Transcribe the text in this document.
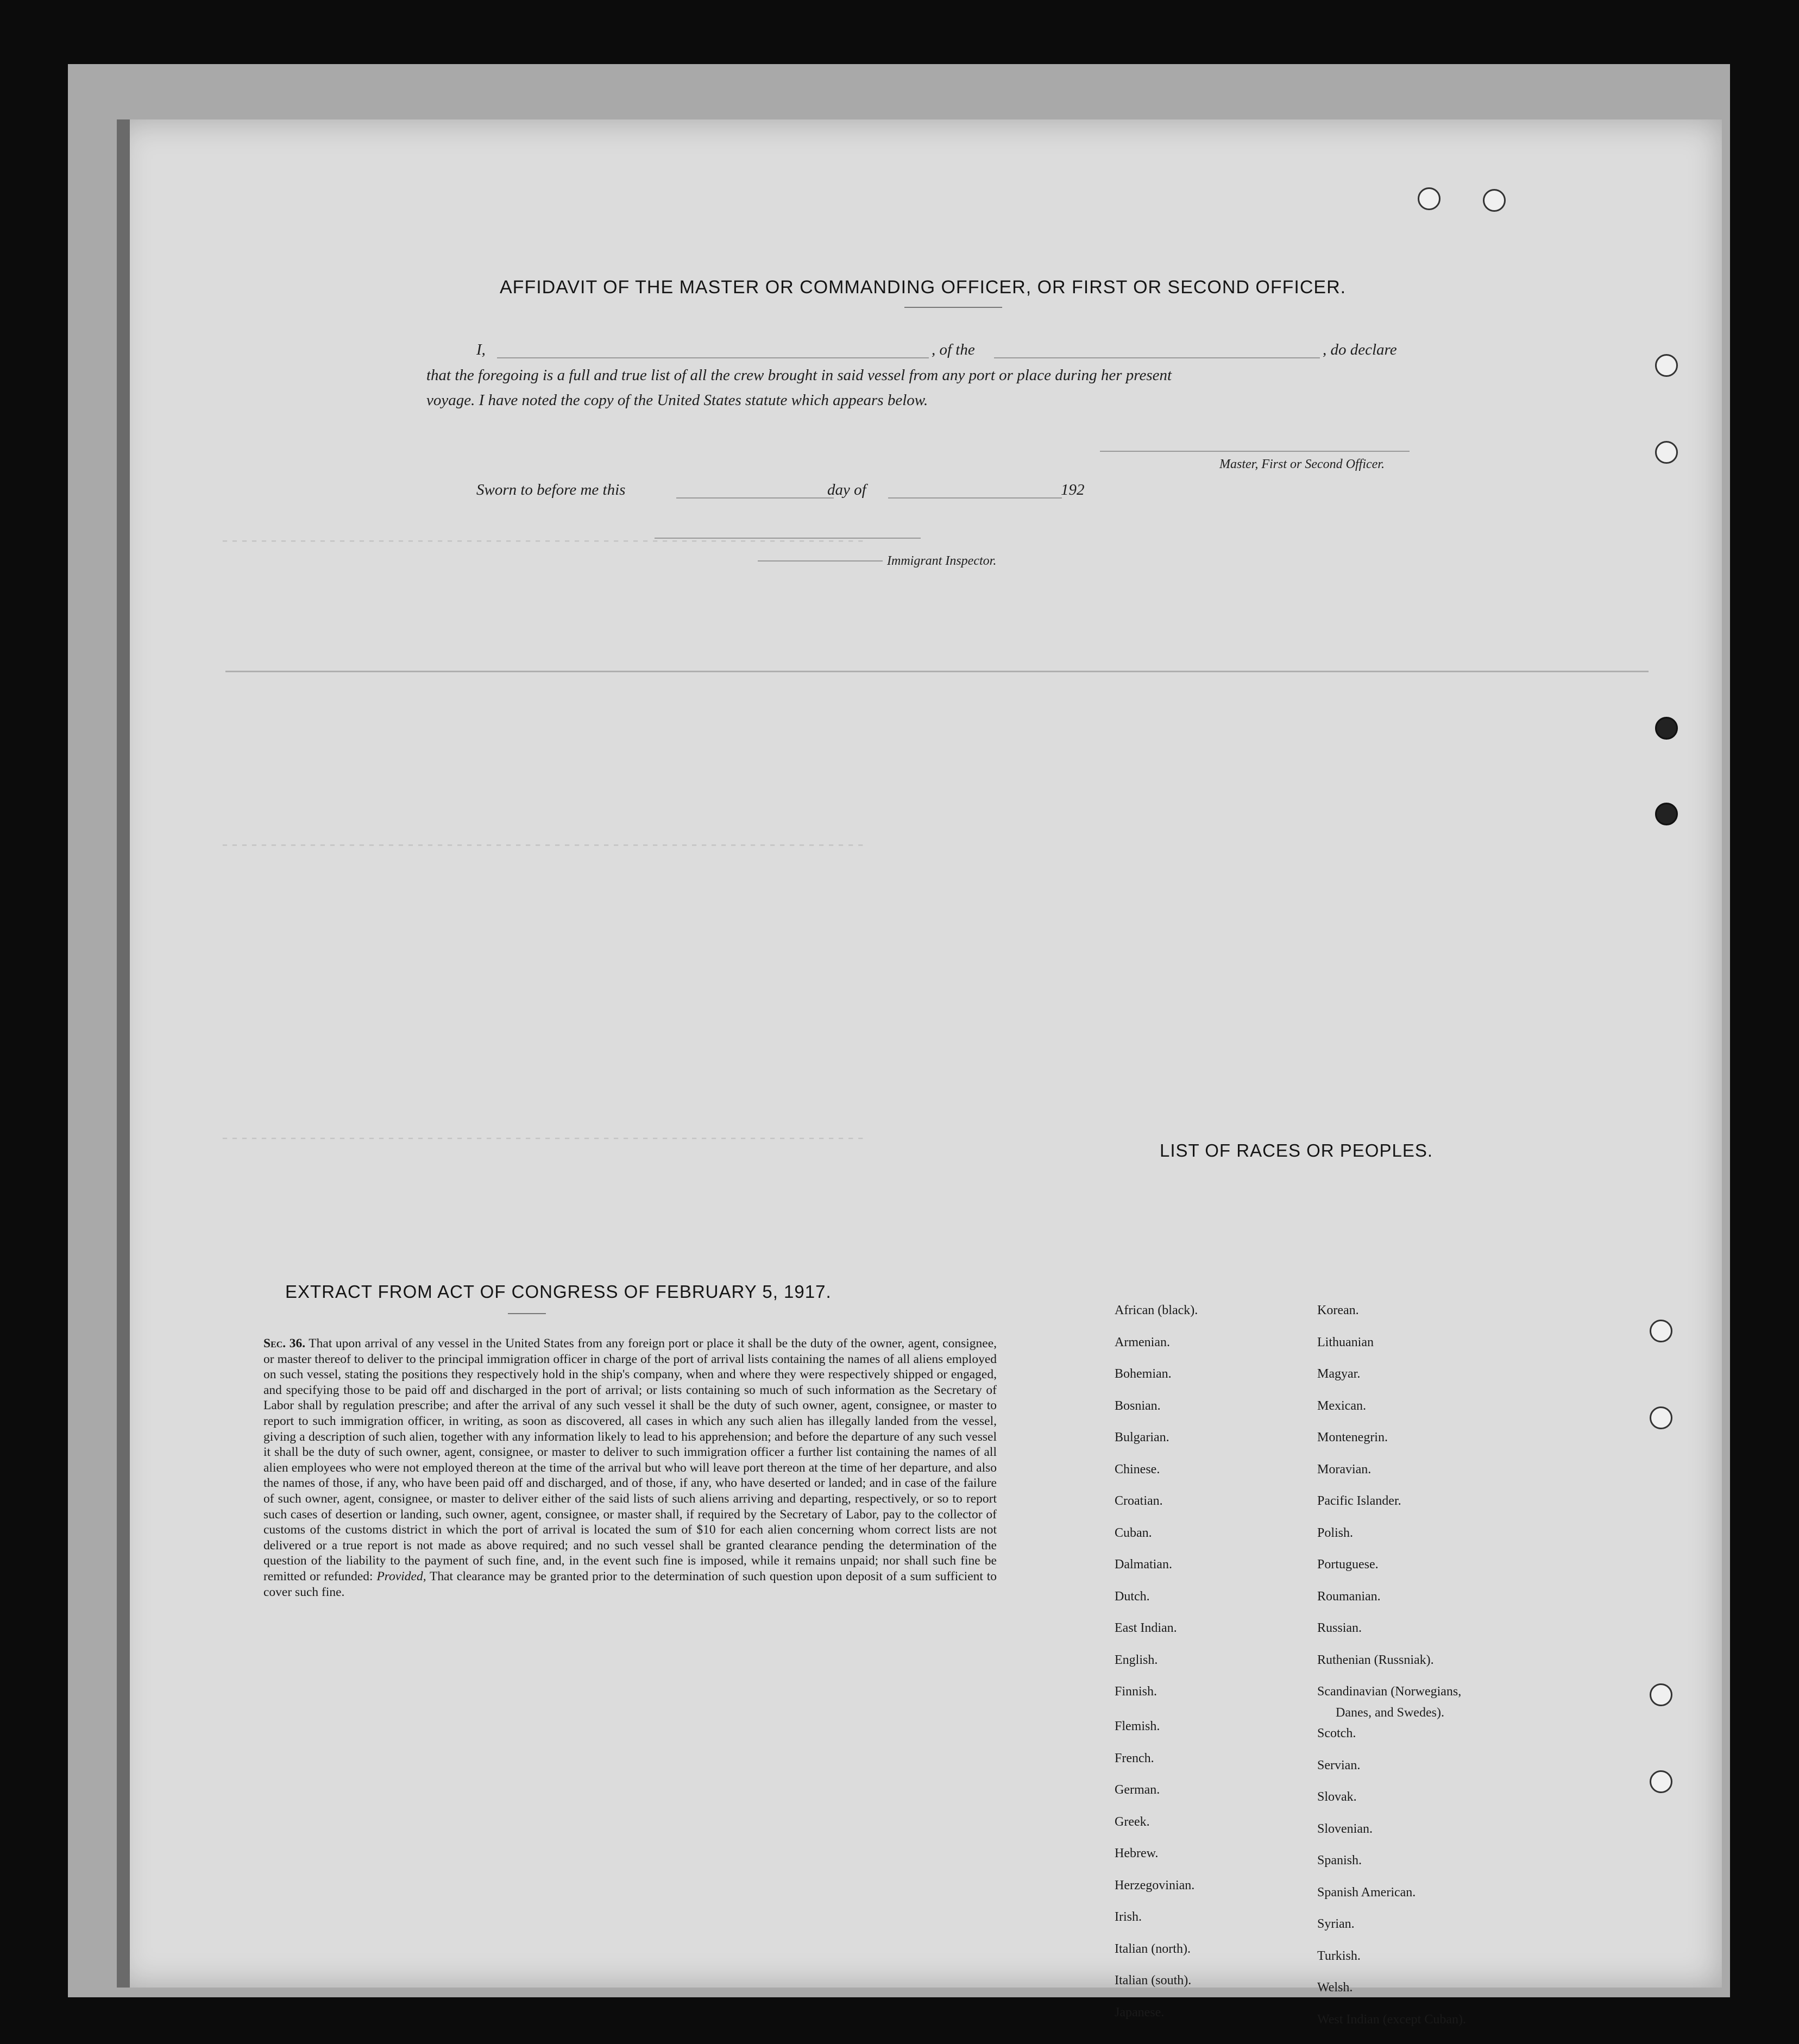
------------------------------------------------------------------
------------------------------------------------------------------
------------------------------------------------------------------
AFFIDAVIT OF THE MASTER OR COMMANDING OFFICER, OR FIRST OR SECOND OFFICER.
I,	, of the	, do declare
that the foregoing is a full and true list of all the crew brought in said vessel from any port or place during her present
voyage. I have noted the copy of the United States statute which appears below.
Master, First or Second Officer.
Sworn to before me this	day of	192
Immigrant Inspector.
EXTRACT FROM ACT OF CONGRESS OF FEBRUARY 5, 1917.
Sec. 36. That upon arrival of any vessel in the United States from any foreign port or place it shall be the duty of the owner, agent, consignee, or master thereof to deliver to the principal immigration officer in charge of the port of arrival lists containing the names of all aliens employed on such vessel, stating the positions they respectively hold in the ship's company, when and where they were respectively shipped or engaged, and specifying those to be paid off and discharged in the port of arrival; or lists containing so much of such information as the Secretary of Labor shall by regulation prescribe; and after the arrival of any such vessel it shall be the duty of such owner, agent, consignee, or master to report to such immigration officer, in writing, as soon as discovered, all cases in which any such alien has illegally landed from the vessel, giving a description of such alien, together with any information likely to lead to his apprehension; and before the departure of any such vessel it shall be the duty of such owner, agent, consignee, or master to deliver to such immigration officer a further list containing the names of all alien employees who were not employed thereon at the time of the arrival but who will leave port thereon at the time of her departure, and also the names of those, if any, who have been paid off and discharged, and of those, if any, who have deserted or landed; and in case of the failure of such owner, agent, consignee, or master to deliver either of the said lists of such aliens arriving and departing, respectively, or so to report such cases of desertion or landing, such owner, agent, consignee, or master shall, if required by the Secretary of Labor, pay to the collector of customs of the customs district in which the port of arrival is located the sum of $10 for each alien concerning whom correct lists are not delivered or a true report is not made as above required; and no such vessel shall be granted clearance pending the determination of the question of the liability to the payment of such fine, and, in the event such fine is imposed, while it remains unpaid; nor shall such fine be remitted or refunded: Provided, That clearance may be granted prior to the determination of such question upon deposit of a sum sufficient to cover such fine.
LIST OF RACES OR PEOPLES.
African (black).
Armenian.
Bohemian.
Bosnian.
Bulgarian.
Chinese.
Croatian.
Cuban.
Dalmatian.
Dutch.
East Indian.
English.
Finnish.
Flemish.
French.
German.
Greek.
Hebrew.
Herzegovinian.
Irish.
Italian (north).
Italian (south).
Japanese.
Korean.
Lithuanian
Magyar.
Mexican.
Montenegrin.
Moravian.
Pacific Islander.
Polish.
Portuguese.
Roumanian.
Russian.
Ruthenian (Russniak).
Scandinavian (Norwegians,
Danes, and Swedes).
Scotch.
Servian.
Slovak.
Slovenian.
Spanish.
Spanish American.
Syrian.
Turkish.
Welsh.
West Indian (except Cuban).
